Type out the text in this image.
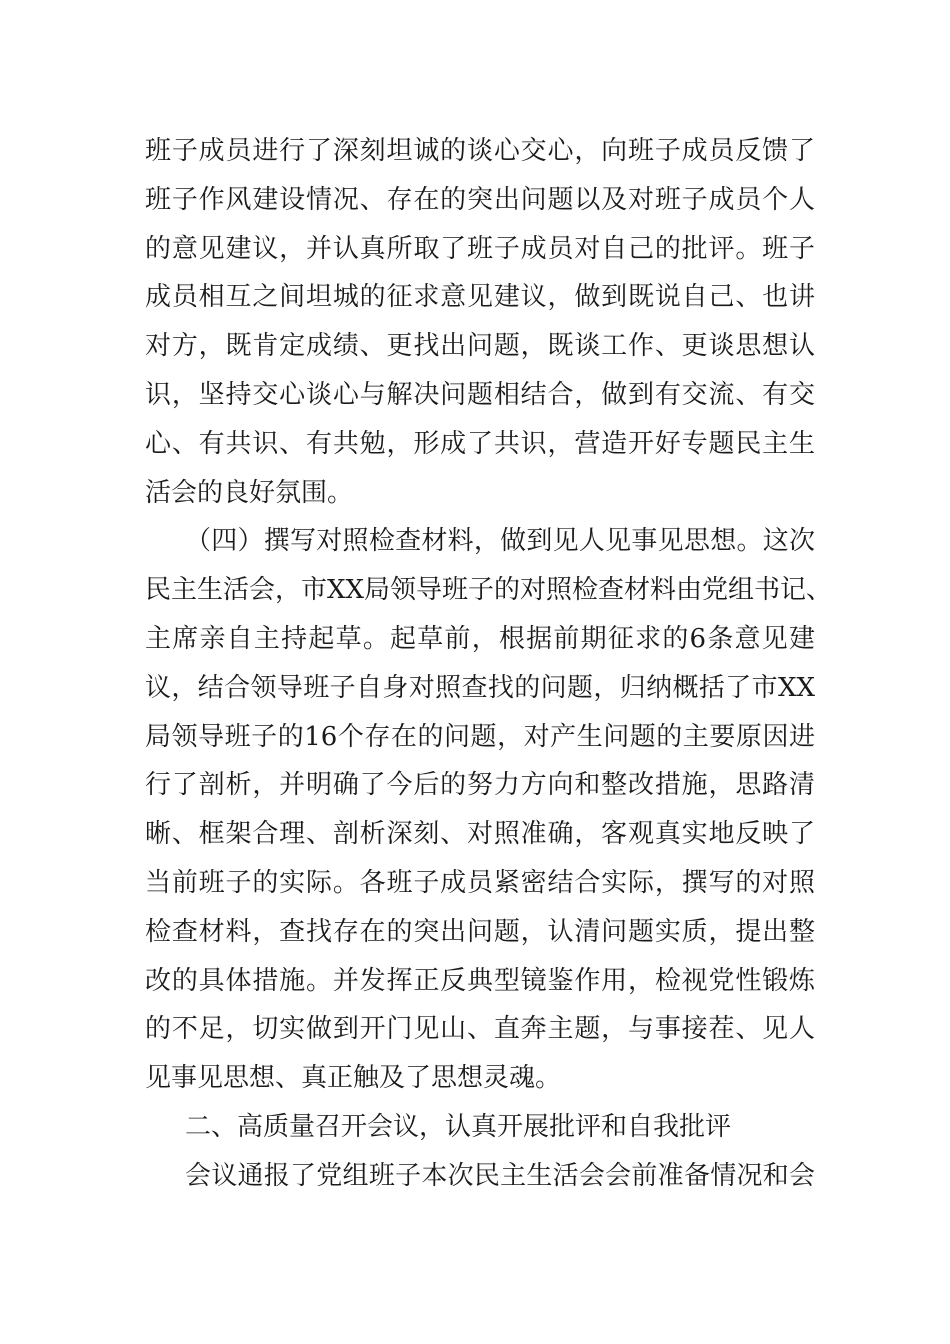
班子成员进行了深刻坦诚的谈心交心，向班子成员反馈了
班子作风建设情况、存在的突出问题以及对班子成员个人
的意见建议，并认真所取了班子成员对自己的批评。班子
成员相互之间坦城的征求意见建议，做到既说自己、也讲
对方，既肯定成绩、更找出问题，既谈工作、更谈思想认
识，坚持交心谈心与解决问题相结合，做到有交流、有交
心、有共识、有共勉，形成了共识，营造开好专题民主生
活会的良好氛围。
（四）撰写对照检查材料，做到见人见事见思想。这次
民主生活会，市XX局领导班子的对照检查材料由党组书记、
主席亲自主持起草。起草前，根据前期征求的6条意见建
议，结合领导班子自身对照查找的问题，归纳概括了市XX
局领导班子的16个存在的问题，对产生问题的主要原因进
行了剖析，并明确了今后的努力方向和整改措施，思路清
晰、框架合理、剖析深刻、对照准确，客观真实地反映了
当前班子的实际。各班子成员紧密结合实际，撰写的对照
检查材料，查找存在的突出问题，认清问题实质，提出整
改的具体措施。并发挥正反典型镜鉴作用，检视党性锻炼
的不足，切实做到开门见山、直奔主题，与事接茬、见人
见事见思想、真正触及了思想灵魂。
二、高质量召开会议，认真开展批评和自我批评
会议通报了党组班子本次民主生活会会前准备情况和会
